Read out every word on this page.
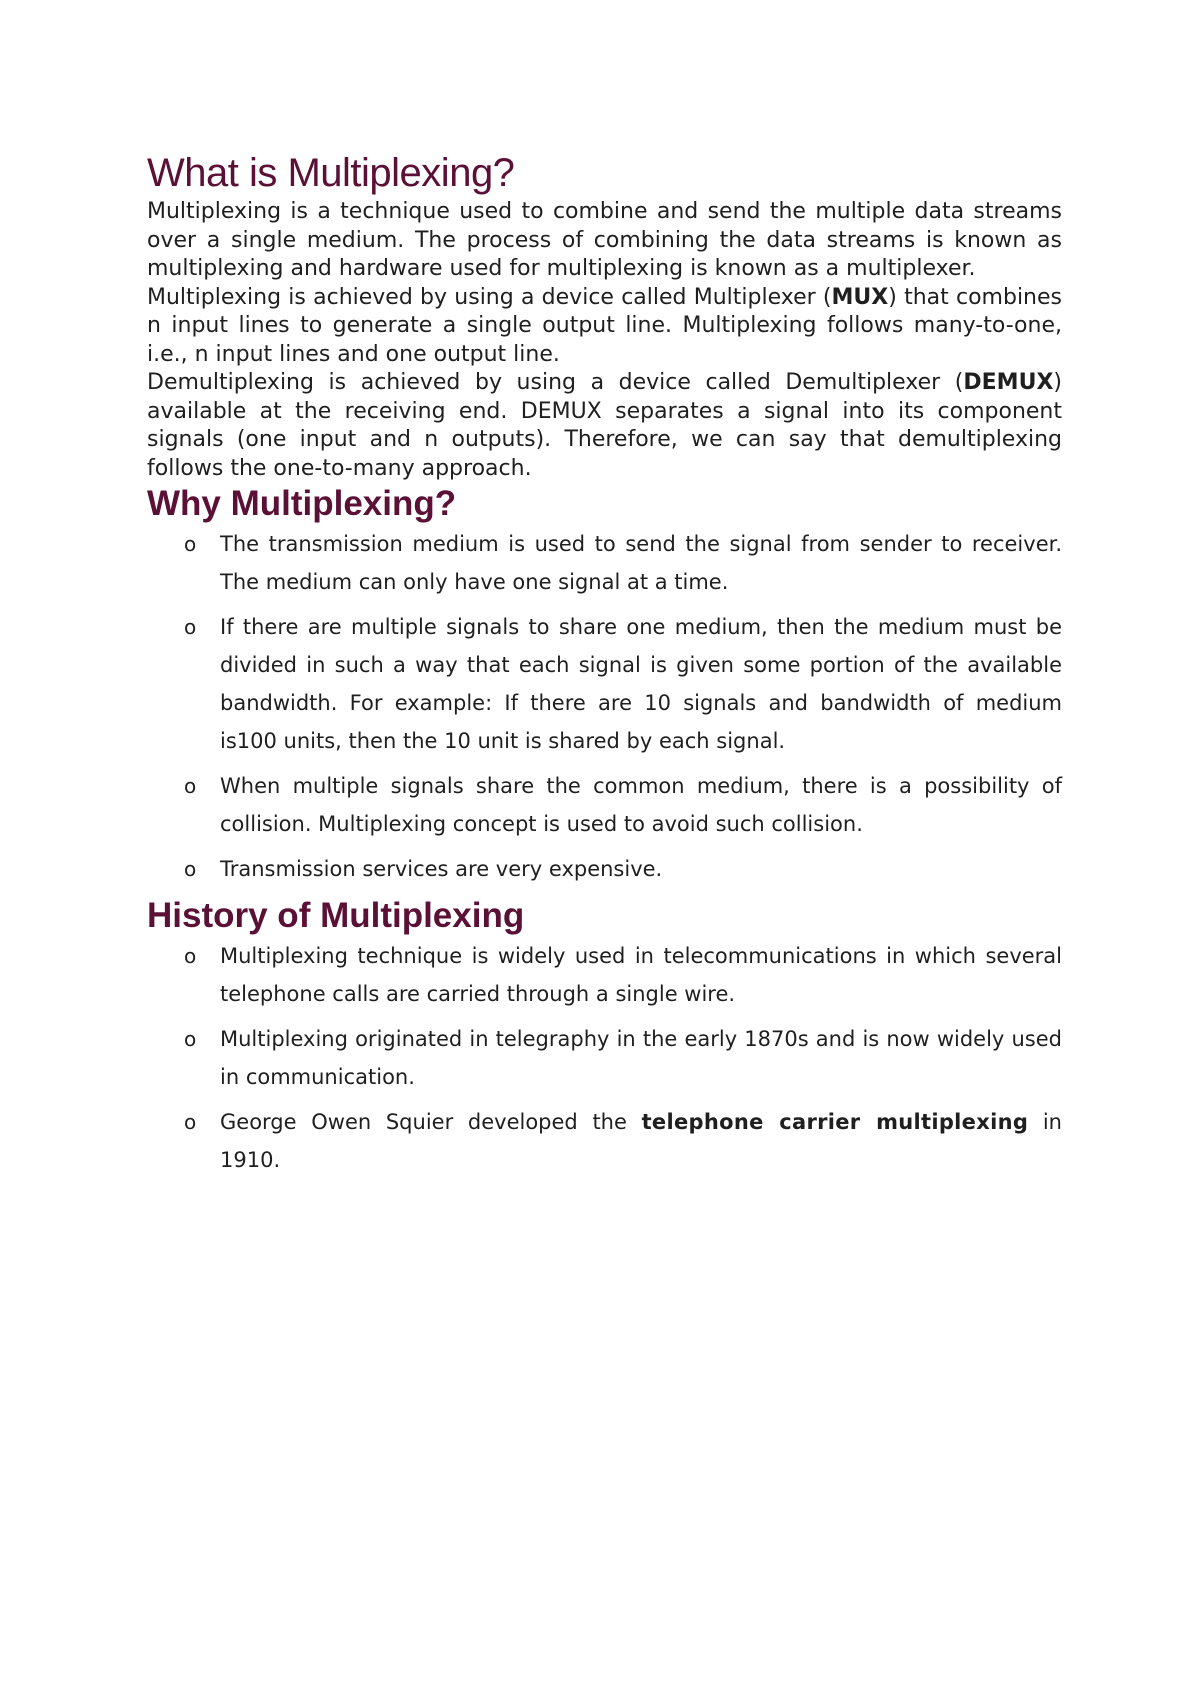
What is Multiplexing?

Multiplexing is a technique used to combine and send the multiple data streams over a single medium. The process of combining the data streams is known as multiplexing and hardware used for multiplexing is known as a multiplexer.

Multiplexing is achieved by using a device called Multiplexer (MUX) that combines n input lines to generate a single output line. Multiplexing follows many-to-one, i.e., n input lines and one output line.

Demultiplexing is achieved by using a device called Demultiplexer (DEMUX) available at the receiving end. DEMUX separates a signal into its component signals (one input and n outputs). Therefore, we can say that demultiplexing follows the one-to-many approach.

Why Multiplexing?
o The transmission medium is used to send the signal from sender to receiver. The medium can only have one signal at a time.
o If there are multiple signals to share one medium, then the medium must be divided in such a way that each signal is given some portion of the available bandwidth. For example: If there are 10 signals and bandwidth of medium is100 units, then the 10 unit is shared by each signal.
o When multiple signals share the common medium, there is a possibility of collision. Multiplexing concept is used to avoid such collision.
o Transmission services are very expensive.
History of Multiplexing
o Multiplexing technique is widely used in telecommunications in which several telephone calls are carried through a single wire.
o Multiplexing originated in telegraphy in the early 1870s and is now widely used in communication.
o George Owen Squier developed the telephone carrier multiplexing in 1910.
